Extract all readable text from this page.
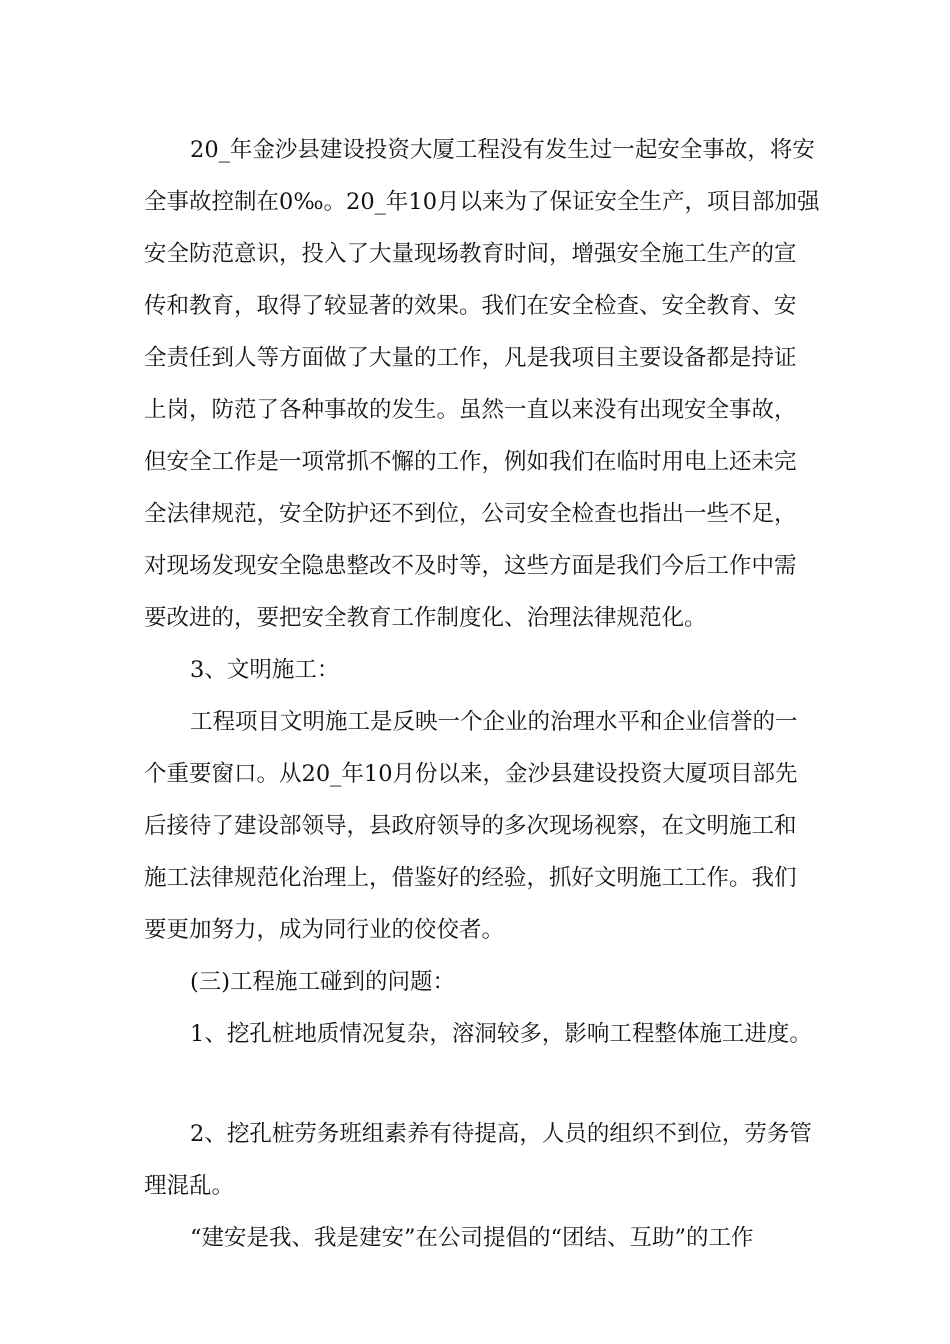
20_年金沙县建设投资大厦工程没有发生过一起安全事故，将安
全事故控制在0‰。20_年10月以来为了保证安全生产，项目部加强
安全防范意识，投入了大量现场教育时间，增强安全施工生产的宣
传和教育，取得了较显著的效果。我们在安全检查、安全教育、安
全责任到人等方面做了大量的工作，凡是我项目主要设备都是持证
上岗，防范了各种事故的发生。虽然一直以来没有出现安全事故，
但安全工作是一项常抓不懈的工作，例如我们在临时用电上还未完
全法律规范，安全防护还不到位，公司安全检查也指出一些不足，
对现场发现安全隐患整改不及时等，这些方面是我们今后工作中需
要改进的，要把安全教育工作制度化、治理法律规范化。
3、文明施工：
工程项目文明施工是反映一个企业的治理水平和企业信誉的一
个重要窗口。从20_年10月份以来，金沙县建设投资大厦项目部先
后接待了建设部领导，县政府领导的多次现场视察，在文明施工和
施工法律规范化治理上，借鉴好的经验，抓好文明施工工作。我们
要更加努力，成为同行业的佼佼者。
(三)工程施工碰到的问题：
1、挖孔桩地质情况复杂，溶洞较多，影响工程整体施工进度。
2、挖孔桩劳务班组素养有待提高，人员的组织不到位，劳务管
理混乱。
“建安是我、我是建安”在公司提倡的“团结、互助”的工作
